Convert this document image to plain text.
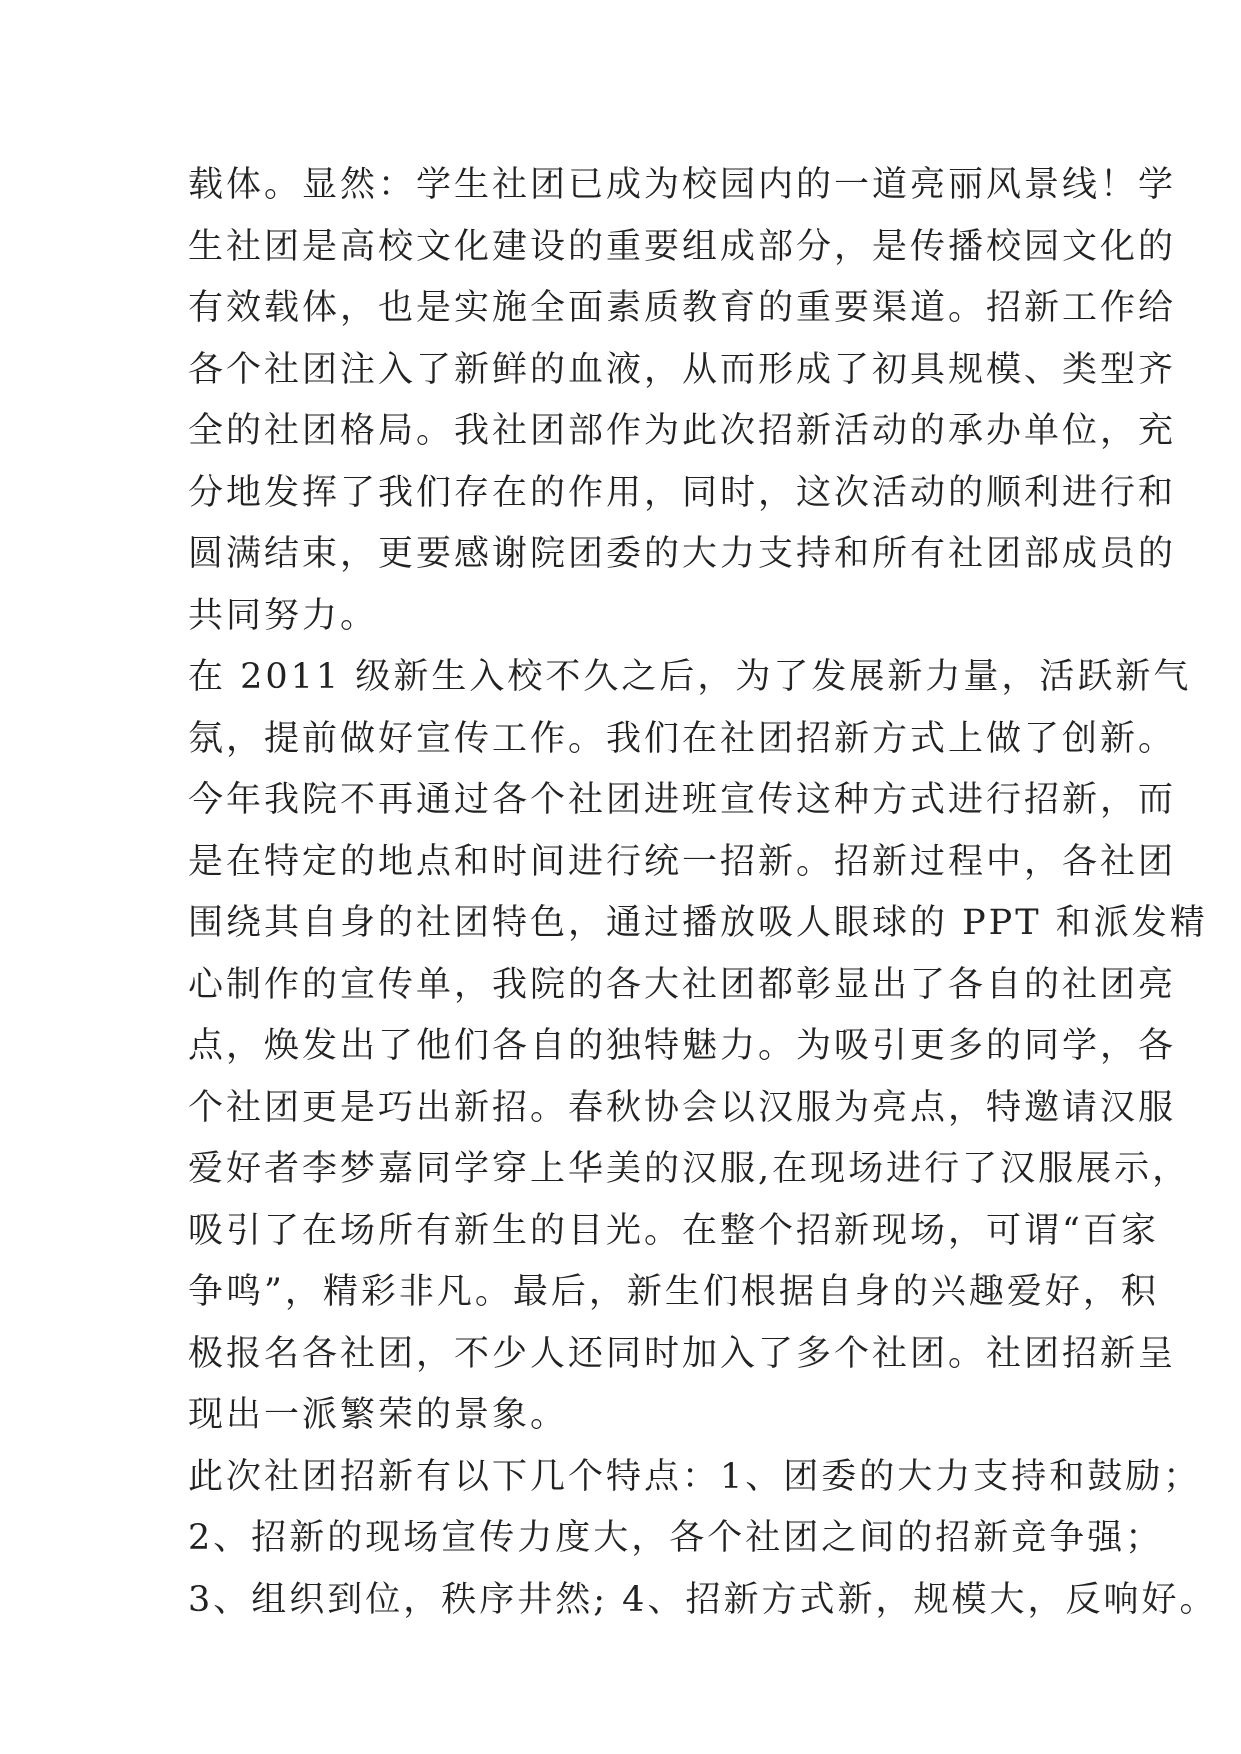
载体。显然：学生社团已成为校园内的一道亮丽风景线！学
生社团是高校文化建设的重要组成部分，是传播校园文化的
有效载体，也是实施全面素质教育的重要渠道。招新工作给
各个社团注入了新鲜的血液，从而形成了初具规模、类型齐
全的社团格局。我社团部作为此次招新活动的承办单位，充
分地发挥了我们存在的作用，同时，这次活动的顺利进行和
圆满结束，更要感谢院团委的大力支持和所有社团部成员的
共同努力。
在 2011 级新生入校不久之后，为了发展新力量，活跃新气
氛，提前做好宣传工作。我们在社团招新方式上做了创新。
今年我院不再通过各个社团进班宣传这种方式进行招新，而
是在特定的地点和时间进行统一招新。招新过程中，各社团
围绕其自身的社团特色，通过播放吸人眼球的 PPT 和派发精
心制作的宣传单，我院的各大社团都彰显出了各自的社团亮
点，焕发出了他们各自的独特魅力。为吸引更多的同学，各
个社团更是巧出新招。春秋协会以汉服为亮点，特邀请汉服
爱好者李梦嘉同学穿上华美的汉服,在现场进行了汉服展示，
吸引了在场所有新生的目光。在整个招新现场，可谓“百家
争鸣”，精彩非凡。最后，新生们根据自身的兴趣爱好，积
极报名各社团，不少人还同时加入了多个社团。社团招新呈
现出一派繁荣的景象。
此次社团招新有以下几个特点：1、团委的大力支持和鼓励；
2、招新的现场宣传力度大，各个社团之间的招新竞争强；
3、组织到位，秩序井然; 4、招新方式新，规模大，反响好。
